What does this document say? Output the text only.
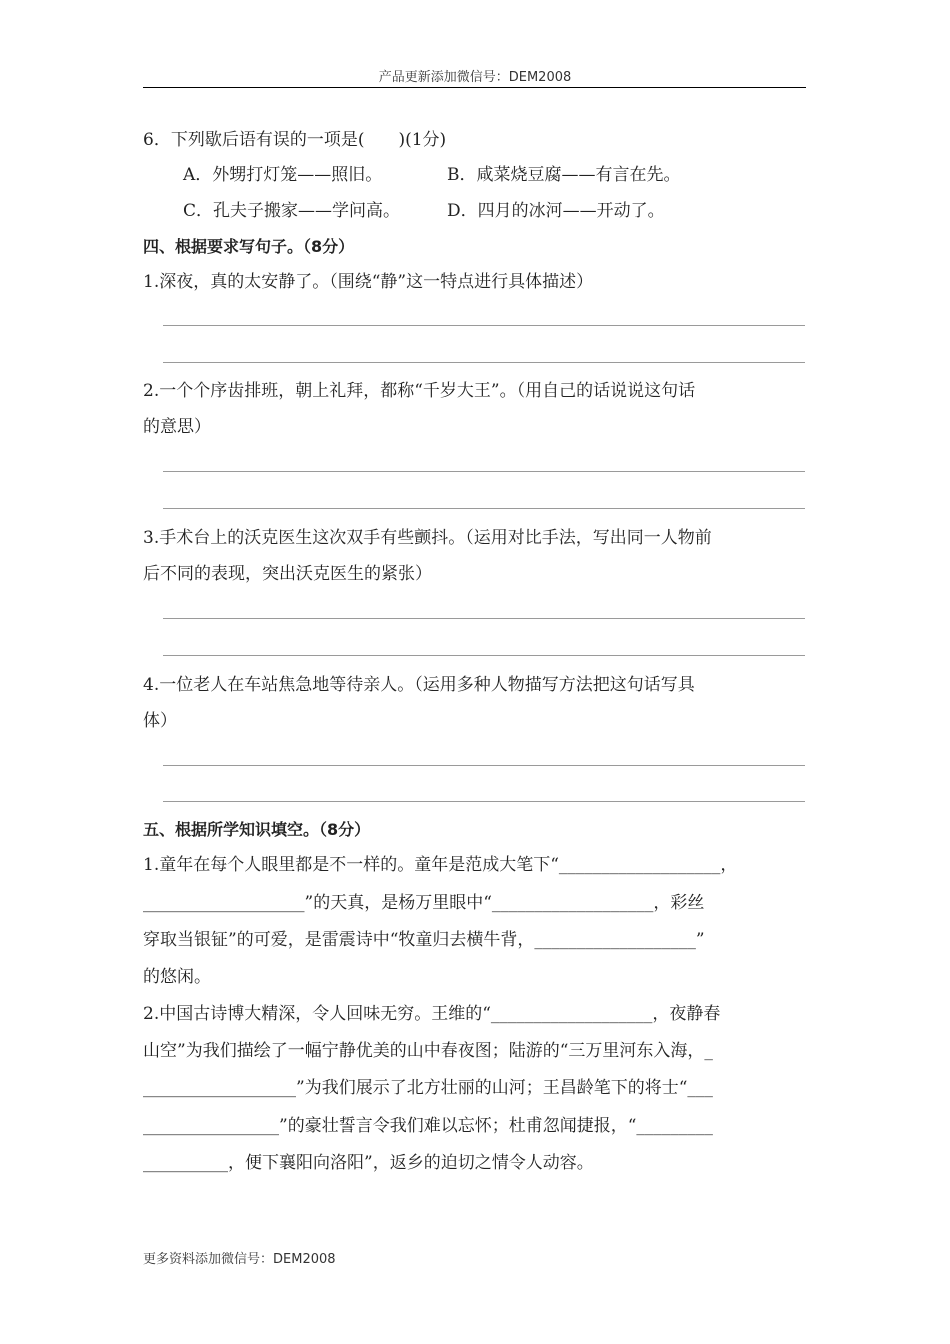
产品更新添加微信号：DEM2008
6．下列歇后语有误的一项是(　　)(1分)
A．外甥打灯笼——照旧。	B．咸菜烧豆腐——有言在先。
C．孔夫子搬家——学问高。	D．四月的冰河——开动了。
四、根据要求写句子。（8分）
1.深夜，真的太安静了。（围绕“静”这一特点进行具体描述）
2.一个个序齿排班，朝上礼拜，都称“千岁大王”。（用自己的话说说这句话
的意思）
3.手术台上的沃克医生这次双手有些颤抖。（运用对比手法，写出同一人物前
后不同的表现，突出沃克医生的紧张）
4.一位老人在车站焦急地等待亲人。（运用多种人物描写方法把这句话写具
体）
五、根据所学知识填空。（8分）
1.童年在每个人眼里都是不一样的。童年是范成大笔下“___________________，
___________________”的天真，是杨万里眼中“___________________，彩丝
穿取当银钲”的可爱，是雷震诗中“牧童归去横牛背，___________________”
的悠闲。
2.中国古诗博大精深，令人回味无穷。王维的“___________________，夜静春
山空”为我们描绘了一幅宁静优美的山中春夜图；陆游的“三万里河东入海，_
__________________”为我们展示了北方壮丽的山河；王昌龄笔下的将士“___
________________”的豪壮誓言令我们难以忘怀；杜甫忽闻捷报，“_________
__________，便下襄阳向洛阳”，返乡的迫切之情令人动容。
更多资料添加微信号：DEM2008
